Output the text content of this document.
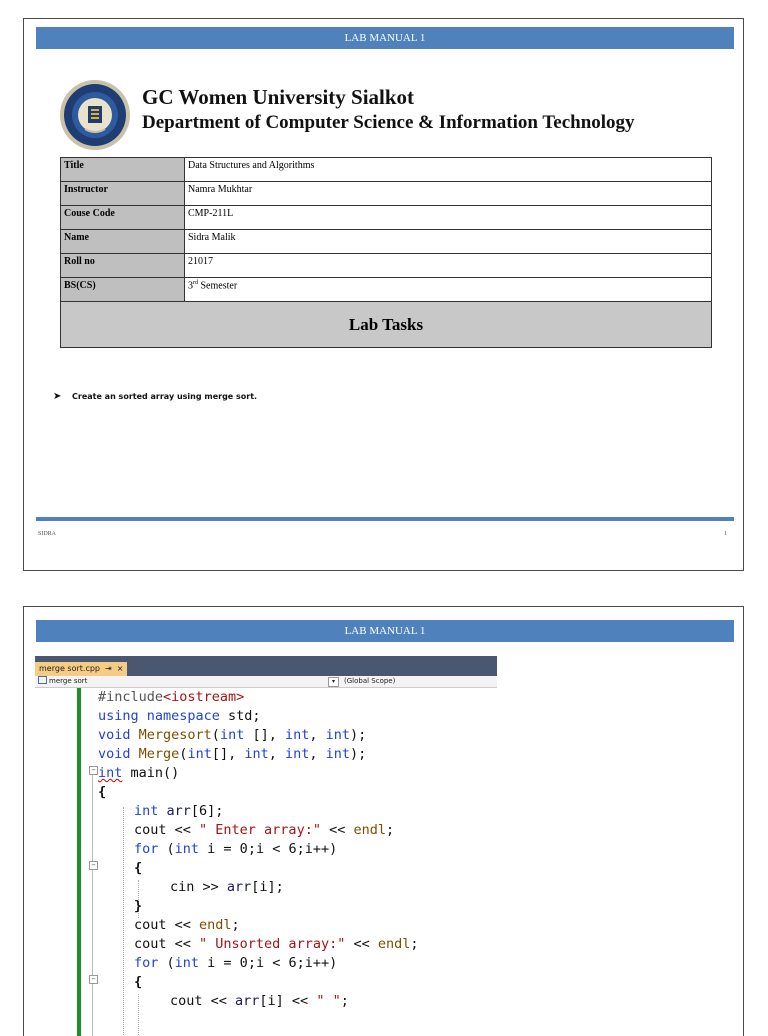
LAB MANUAL 1
GC Women University Sialkot
Department of Computer Science & Information Technology
Title	Data Structures and Algorithms
Instructor	Namra Mukhtar
Couse Code	CMP-211L
Name	Sidra Malik
Roll no	21017
BS(CS)	3rd Semester
Lab Tasks	
➤ Create an sorted array using merge sort.
SIDRA	1
LAB MANUAL 1
merge sort.cpp ⇥ ×
merge sort	▾	(Global Scope)
−
−
−
#include<iostream>
using namespace std;
void Mergesort(int [], int, int);
void Merge(int[], int, int, int);
int main()
{
int arr[6];
cout << " Enter array:" << endl;
for (int i = 0;i < 6;i++)
{
cin >> arr[i];
}
cout << endl;
cout << " Unsorted array:" << endl;
for (int i = 0;i < 6;i++)
{
cout << arr[i] << " ";
